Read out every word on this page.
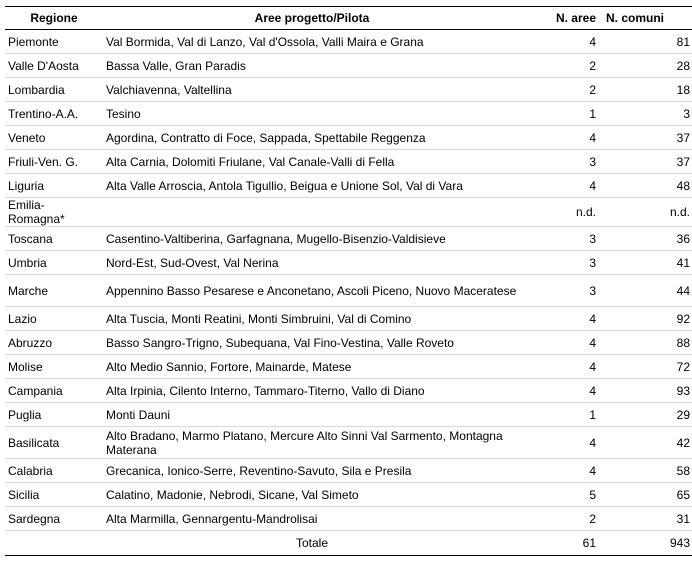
Regione	Aree progetto/Pilota	N. aree	N. comuni
Piemonte	Val Bormida, Val di Lanzo, Val d'Ossola, Valli Maira e Grana	4	81
Valle D'Aosta	Bassa Valle, Gran Paradis	2	28
Lombardia	Valchiavenna, Valtellina	2	18
Trentino-A.A.	Tesino	1	3
Veneto	Agordina, Contratto di Foce, Sappada, Spettabile Reggenza	4	37
Friuli-Ven. G.	Alta Carnia, Dolomiti Friulane, Val Canale-Valli di Fella	3	37
Liguria	Alta Valle Arroscia, Antola Tigullio, Beigua e Unione Sol, Val di Vara	4	48
Emilia-Romagna*		n.d.	n.d.
Toscana	Casentino-Valtiberina, Garfagnana, Mugello-Bisenzio-Valdisieve	3	36
Umbria	Nord-Est, Sud-Ovest, Val Nerina	3	41
Marche	Appennino Basso Pesarese e Anconetano, Ascoli Piceno, Nuovo Maceratese	3	44
Lazio	Alta Tuscia, Monti Reatini, Monti Simbruini, Val di Comino	4	92
Abruzzo	Basso Sangro-Trigno, Subequana, Val Fino-Vestina, Valle Roveto	4	88
Molise	Alto Medio Sannio, Fortore, Mainarde, Matese	4	72
Campania	Alta Irpinia, Cilento Interno, Tammaro-Titerno, Vallo di Diano	4	93
Puglia	Monti Dauni	1	29
Basilicata	Alto Bradano, Marmo Platano, Mercure Alto Sinni Val Sarmento, Montagna Materana	4	42
Calabria	Grecanica, Ionico-Serre, Reventino-Savuto, Sila e Presila	4	58
Sicilia	Calatino, Madonie, Nebrodi, Sicane, Val Simeto	5	65
Sardegna	Alta Marmilla, Gennargentu-Mandrolisai	2	31
	Totale	61	943
